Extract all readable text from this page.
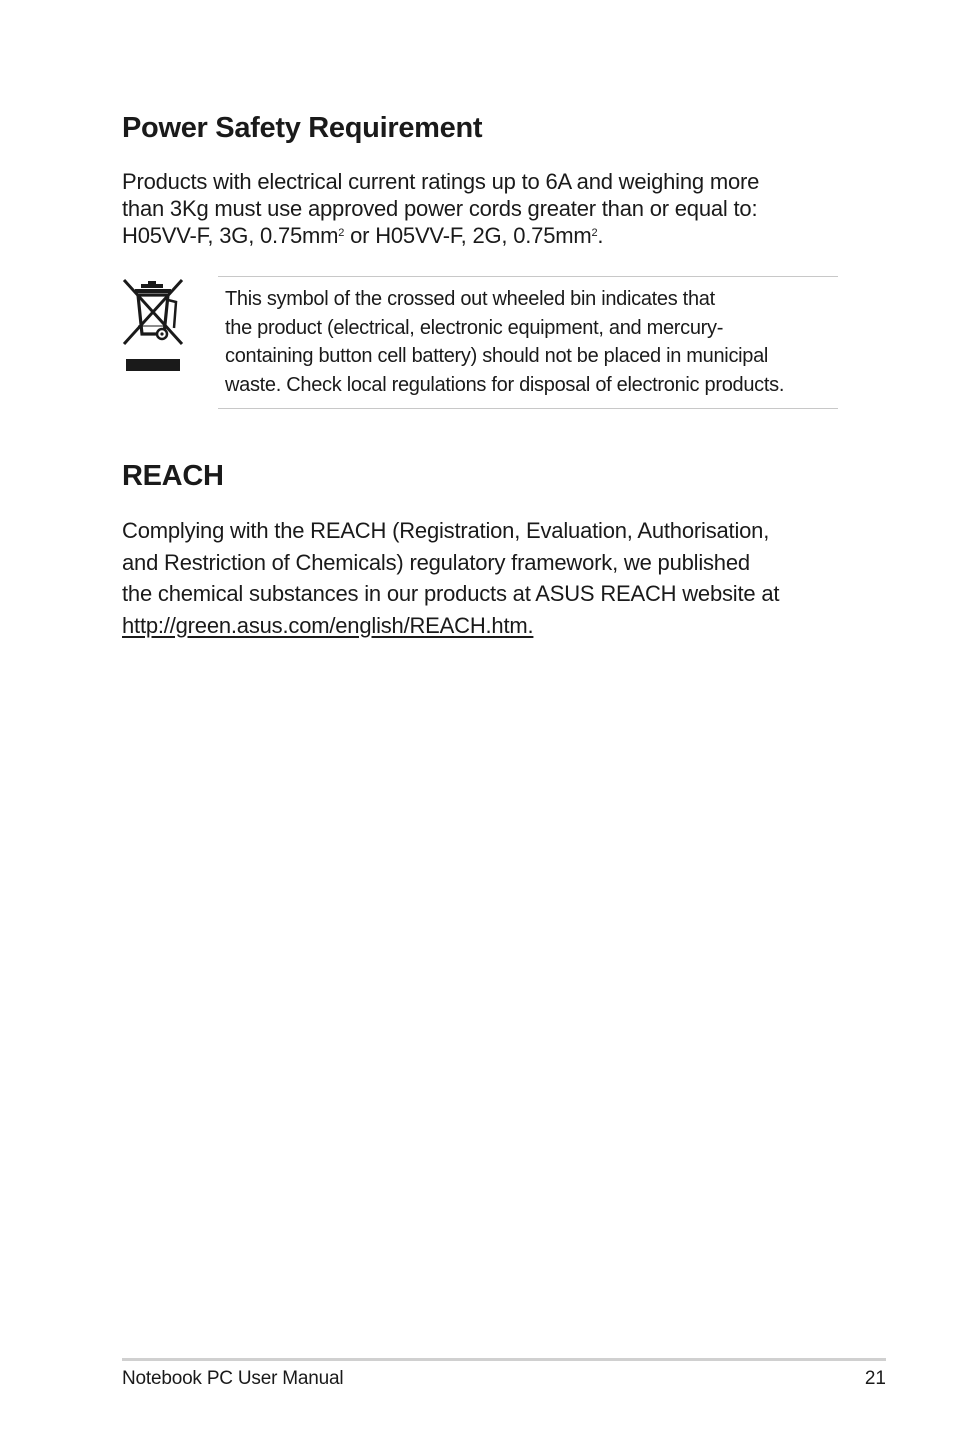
Power Safety Requirement

Products with electrical current ratings up to 6A and weighing more
than 3Kg must use approved power cords greater than or equal to:
H05VV-F, 3G, $0.75mm^2$ or H05VV-F, 2G, $0.75mm^2$.

This symbol of the crossed out wheeled bin indicates that
the product (electrical, electronic equipment, and mercury-
containing button cell battery) should not be placed in municipal
waste. Check local regulations for disposal of electronic products.
REACH

Complying with the REACH (Registration, Evaluation, Authorisation,
and Restriction of Chemicals) regulatory framework, we published
the chemical substances in our products at ASUS REACH website at
http://green.asus.com/english/REACH.htm.

Notebook PC User Manual	21
